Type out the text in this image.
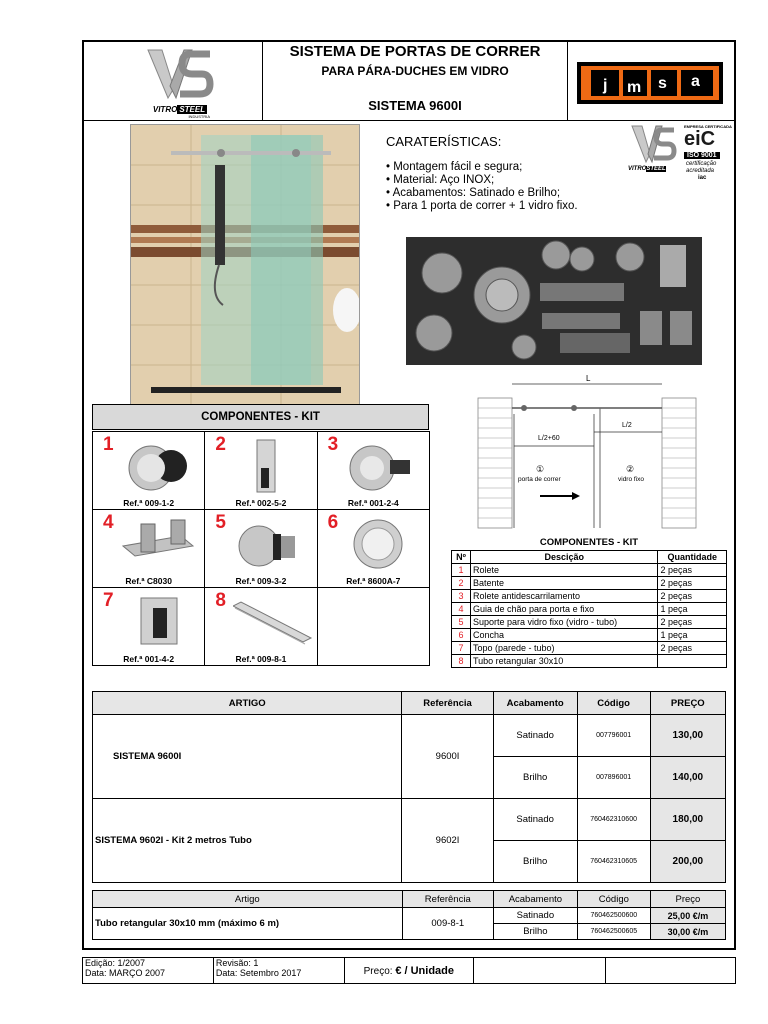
VITRO STEEL
INDUSTRIA
SISTEMA DE PORTAS DE CORRER
PARA PÁRA-DUCHES EM VIDRO
SISTEMA 9600I
j m s a
CARATERÍSTICAS:
• Montagem fácil e segura;
• Material: Aço INOX;
• Acabamentos: Satinado e Brilho;
• Para 1 porta de correr + 1 vidro fixo.
VITROSTEEL
EMPRESA CERTIFICADA
eiC
ISO 9001
certificação
acreditada
iac
L
L/2+60
L/2
①
porta de correr
②
vidro fixo
COMPONENTES - KIT
1
Ref.ª 009-1-2	2
Ref.ª 002-5-2	3
Ref.ª 001-2-4

4
Ref.ª C8030	5
Ref.ª 009-3-2	6
Ref.ª 8600A-7

7
Ref.ª 001-4-2	8
Ref.ª 009-8-1	

COMPONENTES - KIT
Nº	Descição	Quantidade
1	Rolete	2 peças
2	Batente	2 peças
3	Rolete antidescarrilamento	2 peças
4	Guia de chão para porta e fixo	1 peça
5	Suporte para vidro fixo (vidro - tubo)	2 peças
6	Concha	1 peça
7	Topo (parede - tubo)	2 peças
8	Tubo retangular 30x10	
ARTIGO	Referência	Acabamento	Código	PREÇO
SISTEMA 9600I	9600I	Satinado	007796001	130,00
		Brilho	007896001	140,00
SISTEMA 9602I - Kit 2 metros Tubo	9602I	Satinado	760462310600	180,00
		Brilho	760462310605	200,00
Artigo	Referência	Acabamento	Código	Preço
Tubo retangular 30x10 mm (máximo 6 m)	009-8-1	Satinado	760462500600	25,00 €/m
		Brilho	760462500605	30,00 €/m
Edição: 1/2007
Data: MARÇO 2007

Revisão: 1
Data: Setembro 2017	Preço: € / Unidade		
